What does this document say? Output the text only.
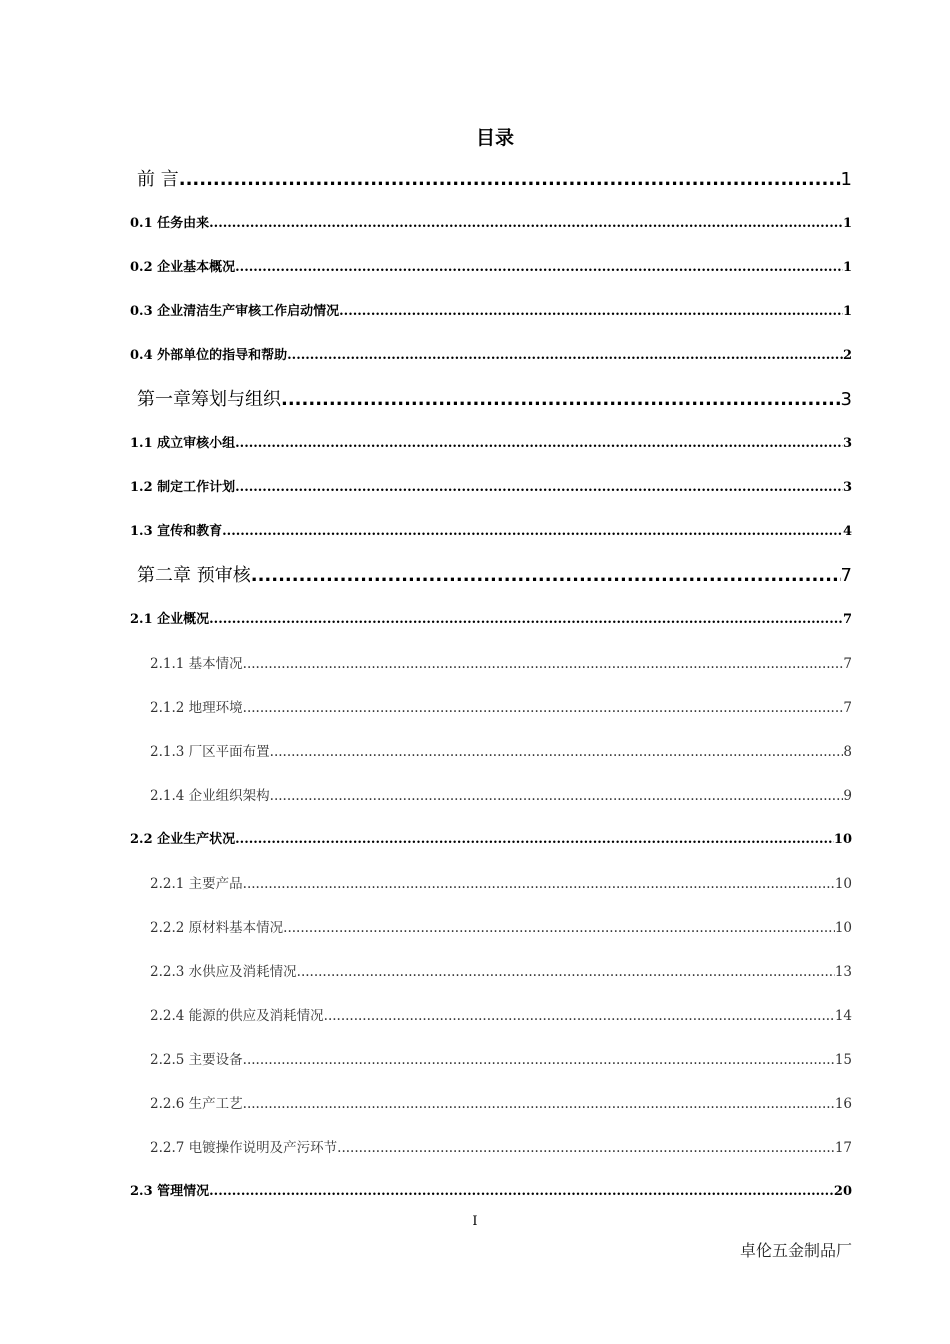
目录
前 言 .....	1
0.1 任务由来 .....	1
0.2 企业基本概况 .....	1
0.3 企业清洁生产审核工作启动情况 .....	1
0.4 外部单位的指导和帮助 .....	2
第一章筹划与组织 .....	3
1.1 成立审核小组 .....	3
1.2 制定工作计划 .....	3
1.3 宣传和教育 .....	4
第二章 预审核 .....	7
2.1 企业概况 .....	7
2.1.1 基本情况 .....	7
2.1.2 地理环境 .....	7
2.1.3 厂区平面布置 .....	8
2.1.4 企业组织架构 .....	9
2.2 企业生产状况 .....	10
2.2.1 主要产品 .....	10
2.2.2 原材料基本情况 .....	10
2.2.3 水供应及消耗情况 .....	13
2.2.4 能源的供应及消耗情况 .....	14
2.2.5 主要设备 .....	15
2.2.6 生产工艺 .....	16
2.2.7 电镀操作说明及产污环节 .....	17
2.3 管理情况 .....	20
I
卓伦五金制品厂
